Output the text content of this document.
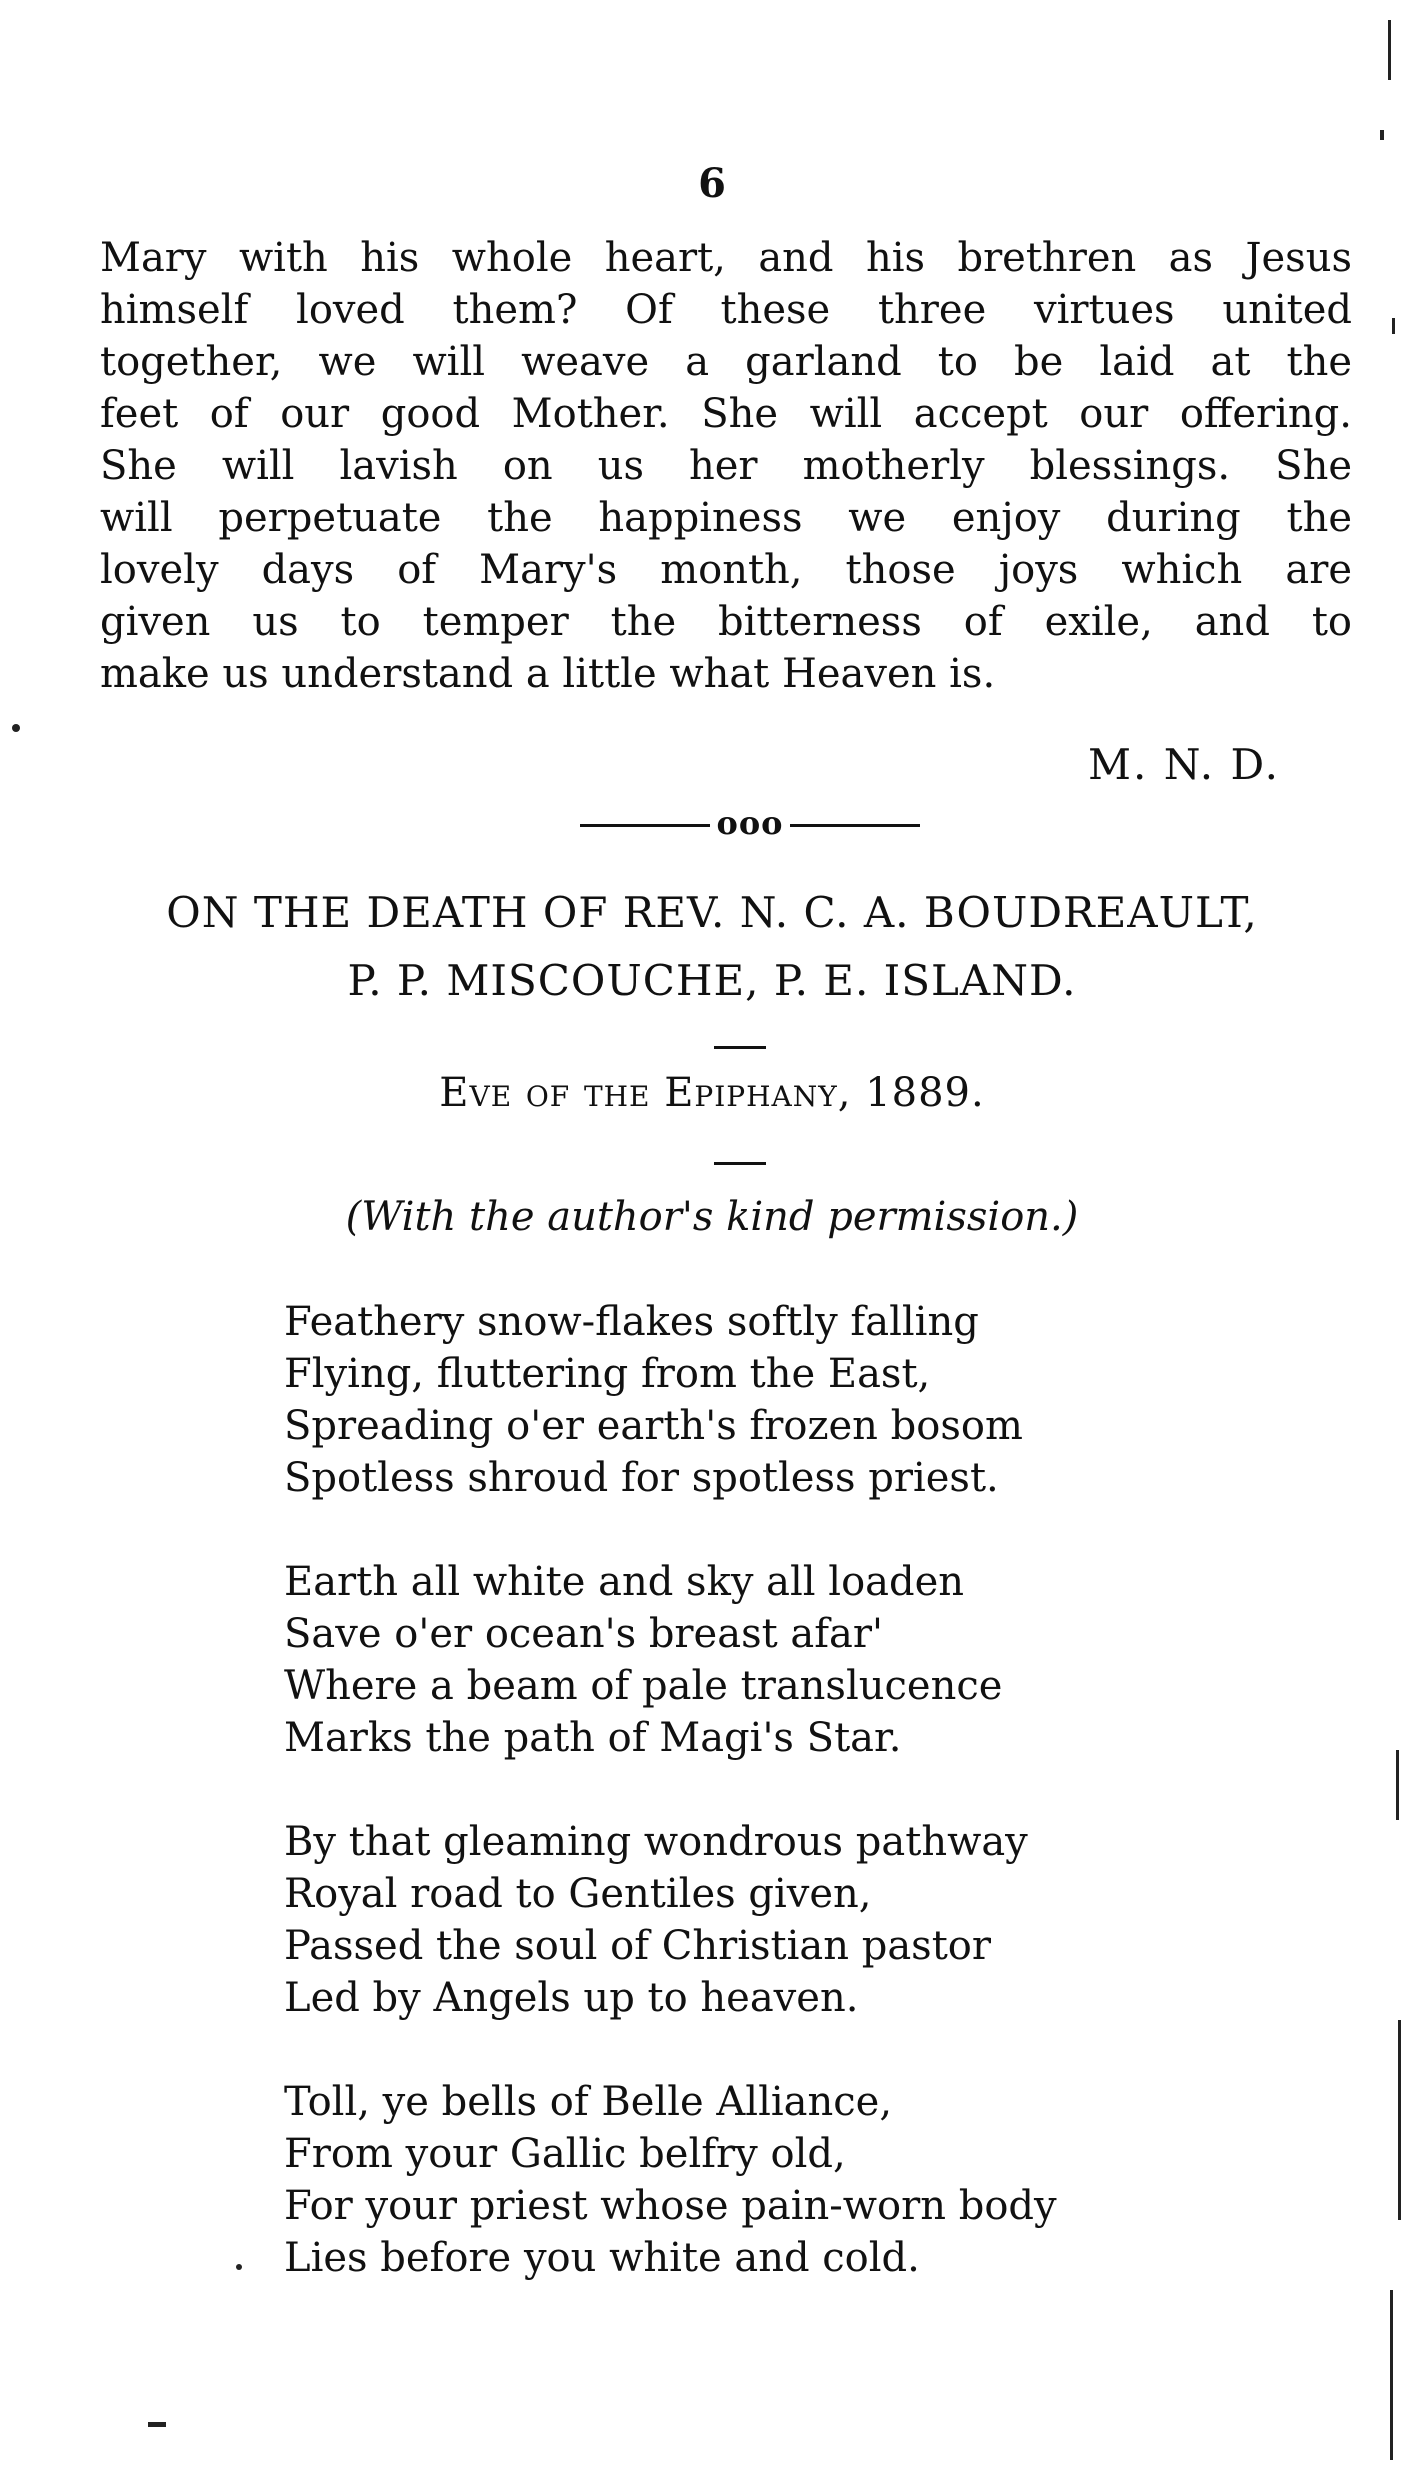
6
Mary with his whole heart, and his brethren as Jesus
himself loved them? Of these three virtues united
together, we will weave a garland to be laid at the
feet of our good Mother. She will accept our offering.
She will lavish on us her motherly blessings. She
will perpetuate the happiness we enjoy during the
lovely days of Mary's month, those joys which are
given us to temper the bitterness of exile, and to
make us understand a little what Heaven is.
M. N. D.
ooo
ON THE DEATH OF REV. N. C. A. BOUDREAULT,
P. P. MISCOUCHE, P. E. ISLAND.
Eve of the Epiphany, 1889.
(With the author's kind permission.)
Feathery snow-flakes softly falling
Flying, fluttering from the East,
Spreading o'er earth's frozen bosom
Spotless shroud for spotless priest.
Earth all white and sky all loaden
Save o'er ocean's breast afar'
Where a beam of pale translucence
Marks the path of Magi's Star.
By that gleaming wondrous pathway
Royal road to Gentiles given,
Passed the soul of Christian pastor
Led by Angels up to heaven.
Toll, ye bells of Belle Alliance,
From your Gallic belfry old,
For your priest whose pain-worn body
Lies before you white and cold.
